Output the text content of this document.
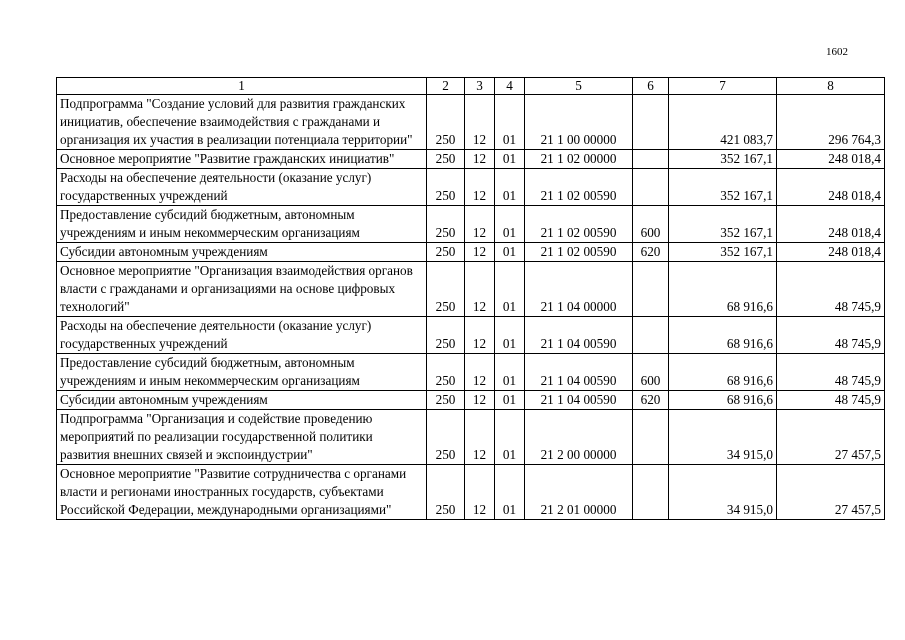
1602
1	2	3	4	5	6	7	8
Подпрограмма "Создание условий для развития гражданских инициатив, обеспечение взаимодействия с гражданами и организация их участия в реализации потенциала территории"	250	12	01	21 1 00 00000		421 083,7	296 764,3
Основное мероприятие "Развитие гражданских инициатив"	250	12	01	21 1 02 00000		352 167,1	248 018,4
Расходы на обеспечение деятельности (оказание услуг) государственных учреждений	250	12	01	21 1 02 00590		352 167,1	248 018,4
Предоставление субсидий бюджетным, автономным учреждениям и иным некоммерческим организациям	250	12	01	21 1 02 00590	600	352 167,1	248 018,4
Субсидии автономным учреждениям	250	12	01	21 1 02 00590	620	352 167,1	248 018,4
Основное мероприятие "Организация взаимодействия органов власти с гражданами и организациями на основе цифровых технологий"	250	12	01	21 1 04 00000		68 916,6	48 745,9
Расходы на обеспечение деятельности (оказание услуг) государственных учреждений	250	12	01	21 1 04 00590		68 916,6	48 745,9
Предоставление субсидий бюджетным, автономным учреждениям и иным некоммерческим организациям	250	12	01	21 1 04 00590	600	68 916,6	48 745,9
Субсидии автономным учреждениям	250	12	01	21 1 04 00590	620	68 916,6	48 745,9
Подпрограмма "Организация и содействие проведению мероприятий по реализации государственной политики развития внешних связей и экспоиндустрии"	250	12	01	21 2 00 00000		34 915,0	27 457,5
Основное мероприятие "Развитие сотрудничества с органами власти и регионами иностранных государств, субъектами Российской Федерации, международными организациями"	250	12	01	21 2 01 00000		34 915,0	27 457,5
